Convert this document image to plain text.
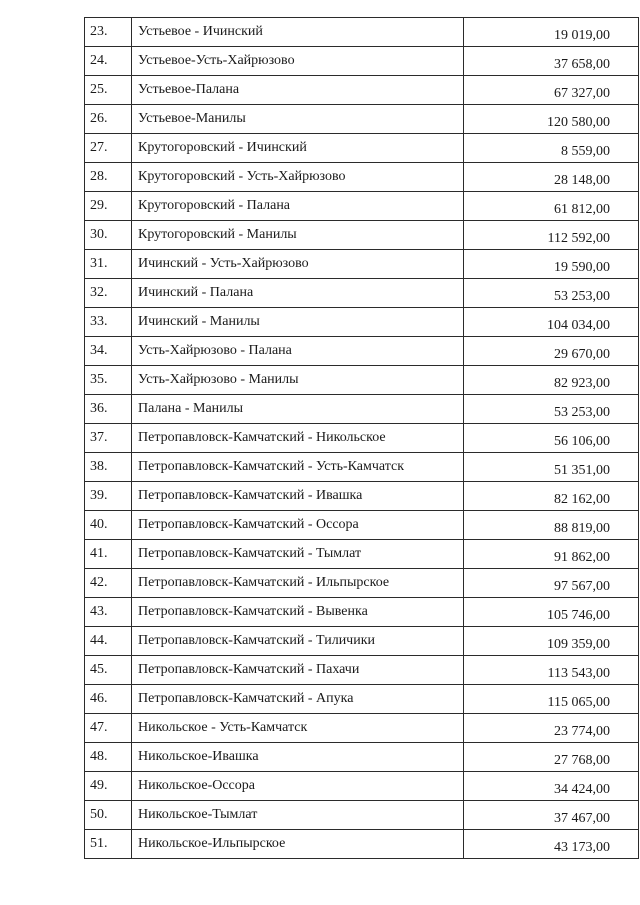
23.	Устьевое - Ичинский	19 019,00
24.	Устьевое-Усть-Хайрюзово	37 658,00
25.	Устьевое-Палана	67 327,00
26.	Устьевое-Манилы	120 580,00
27.	Крутогоровский - Ичинский	8 559,00
28.	Крутогоровский - Усть-Хайрюзово	28 148,00
29.	Крутогоровский - Палана	61 812,00
30.	Крутогоровский - Манилы	112 592,00
31.	Ичинский - Усть-Хайрюзово	19 590,00
32.	Ичинский - Палана	53 253,00
33.	Ичинский - Манилы	104 034,00
34.	Усть-Хайрюзово - Палана	29 670,00
35.	Усть-Хайрюзово - Манилы	82 923,00
36.	Палана - Манилы	53 253,00
37.	Петропавловск-Камчатский - Никольское	56 106,00
38.	Петропавловск-Камчатский - Усть-Камчатск	51 351,00
39.	Петропавловск-Камчатский - Ивашка	82 162,00
40.	Петропавловск-Камчатский - Оссора	88 819,00
41.	Петропавловск-Камчатский - Тымлат	91 862,00
42.	Петропавловск-Камчатский - Ильпырское	97 567,00
43.	Петропавловск-Камчатский - Вывенка	105 746,00
44.	Петропавловск-Камчатский - Тиличики	109 359,00
45.	Петропавловск-Камчатский - Пахачи	113 543,00
46.	Петропавловск-Камчатский - Апука	115 065,00
47.	Никольское - Усть-Камчатск	23 774,00
48.	Никольское-Ивашка	27 768,00
49.	Никольское-Оссора	34 424,00
50.	Никольское-Тымлат	37 467,00
51.	Никольское-Ильпырское	43 173,00
